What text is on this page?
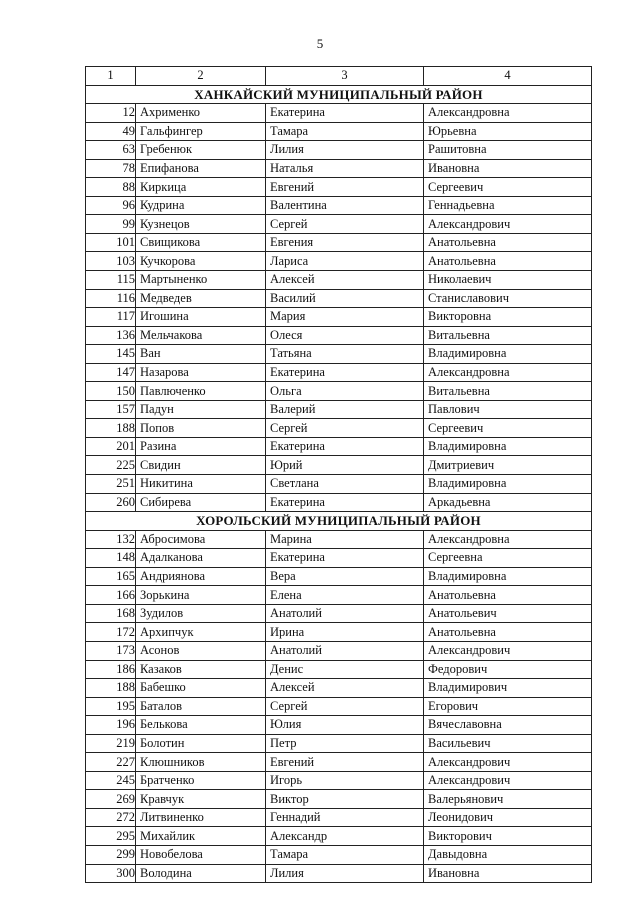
5
1	2	3	4
ХАНКАЙСКИЙ МУНИЦИПАЛЬНЫЙ РАЙОН			
12	Ахрименко	Екатерина	Александровна
49	Гальфингер	Тамара	Юрьевна
63	Гребенюк	Лилия	Рашитовна
78	Епифанова	Наталья	Ивановна
88	Киркица	Евгений	Сергеевич
96	Кудрина	Валентина	Геннадьевна
99	Кузнецов	Сергей	Александрович
101	Свищикова	Евгения	Анатольевна
103	Кучкорова	Лариса	Анатольевна
115	Мартыненко	Алексей	Николаевич
116	Медведев	Василий	Станиславович
117	Игошина	Мария	Викторовна
136	Мельчакова	Олеся	Витальевна
145	Ван	Татьяна	Владимировна
147	Назарова	Екатерина	Александровна
150	Павлюченко	Ольга	Витальевна
157	Падун	Валерий	Павлович
188	Попов	Сергей	Сергеевич
201	Разина	Екатерина	Владимировна
225	Свидин	Юрий	Дмитриевич
251	Никитина	Светлана	Владимировна
260	Сибирева	Екатерина	Аркадьевна
ХОРОЛЬСКИЙ МУНИЦИПАЛЬНЫЙ РАЙОН			
132	Абросимова	Марина	Александровна
148	Адалканова	Екатерина	Сергеевна
165	Андриянова	Вера	Владимировна
166	Зорькина	Елена	Анатольевна
168	Зудилов	Анатолий	Анатольевич
172	Архипчук	Ирина	Анатольевна
173	Асонов	Анатолий	Александрович
186	Казаков	Денис	Федорович
188	Бабешко	Алексей	Владимирович
195	Баталов	Сергей	Егорович
196	Белькова	Юлия	Вячеславовна
219	Болотин	Петр	Васильевич
227	Клюшников	Евгений	Александрович
245	Братченко	Игорь	Александрович
269	Кравчук	Виктор	Валерьянович
272	Литвиненко	Геннадий	Леонидович
295	Михайлик	Александр	Викторович
299	Новобелова	Тамара	Давыдовна
300	Володина	Лилия	Ивановна
